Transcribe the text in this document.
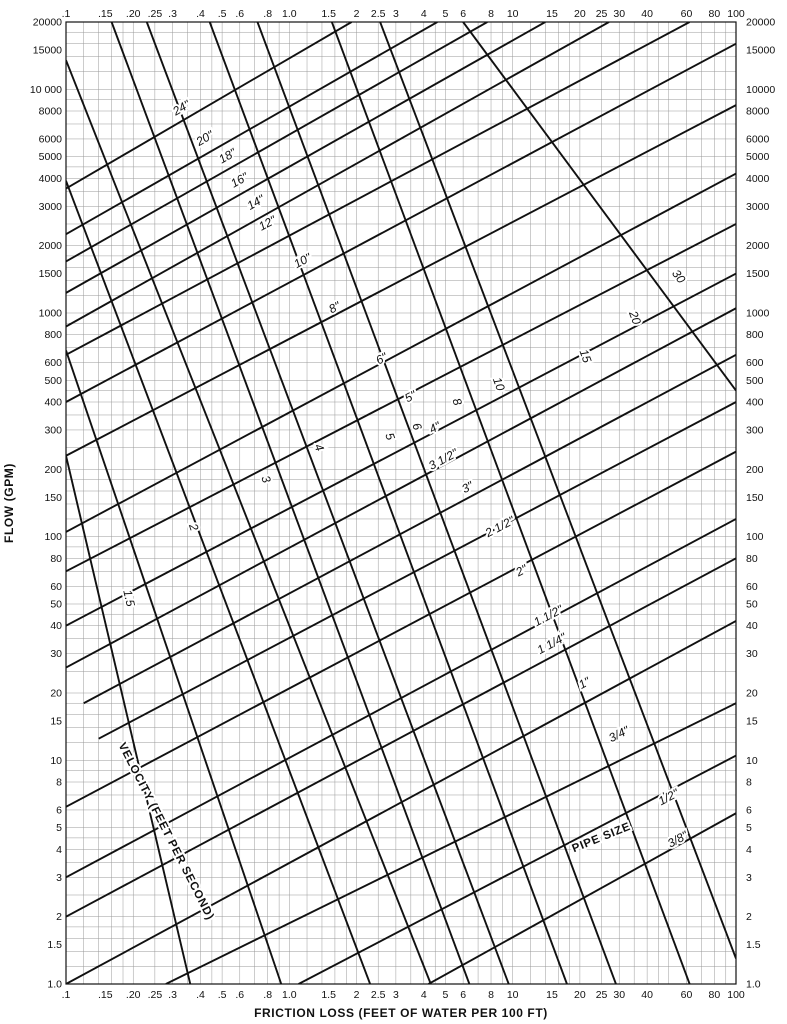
20000
15000
10 000
8000
6000
5000
4000
3000
2000
1500
1000
800
600
500
400
300
200
150
100
80
60
50
40
30
20
15
10
8
6
5
4
3
2
1.5
1.0
20000
15000
10000
8000
6000
5000
4000
3000
2000
1500
1000
800
600
500
400
300
200
150
100
80
60
50
40
30
20
15
10
8
6
5
4
3
2
1.5
1.0
.1	.15 .20 .25 .3 .4 .5 .6 .8 1.0 1.5 2 2.5 3 4 5 6 8 10	15 20 25 30 40	60 80 100
.1	.15 .20 .25 .3 .4 .5 .6 .8 1.0 1.5 2 2.5 3 4 5 6 8 10	15 20 25 30 40	60 80 100
VELOCITY (FEET PER SECOND)	PIPE SIZE
FRICTION LOSS (FEET OF WATER PER 100 FT)
FLOW (GPM)
24"
20"
18"
16"
14"
12"
10"
8"
6"
5"
4"
3 1/2"
3"
2 1/2"
2"
1 1/2"
1 1/4"
1"
3/4"
1/2"
3/8"
1.5
2
3
4
5
6
8
10
15
20
30
